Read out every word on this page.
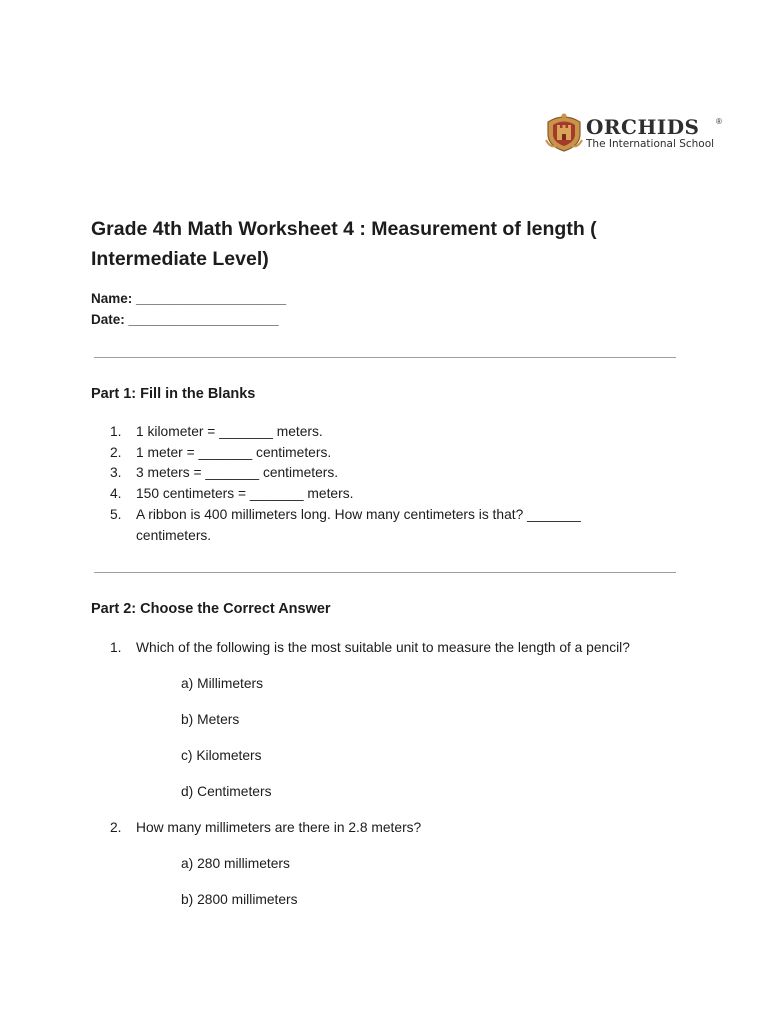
ORCHIDS ®
The International School
Grade 4th Math Worksheet 4 : Measurement of length ( Intermediate Level)
Name: ____________________
Date: ____________________
Part 1: Fill in the Blanks
1. 1 kilometer = _______ meters.
2. 1 meter = _______ centimeters.
3. 3 meters = _______ centimeters.
4. 150 centimeters = _______ meters.
5. A ribbon is 400 millimeters long. How many centimeters is that? _______
centimeters.
Part 2: Choose the Correct Answer
1. Which of the following is the most suitable unit to measure the length of a pencil?
a) Millimeters
b) Meters
c) Kilometers
d) Centimeters
2. How many millimeters are there in 2.8 meters?
a) 280 millimeters
b) 2800 millimeters
